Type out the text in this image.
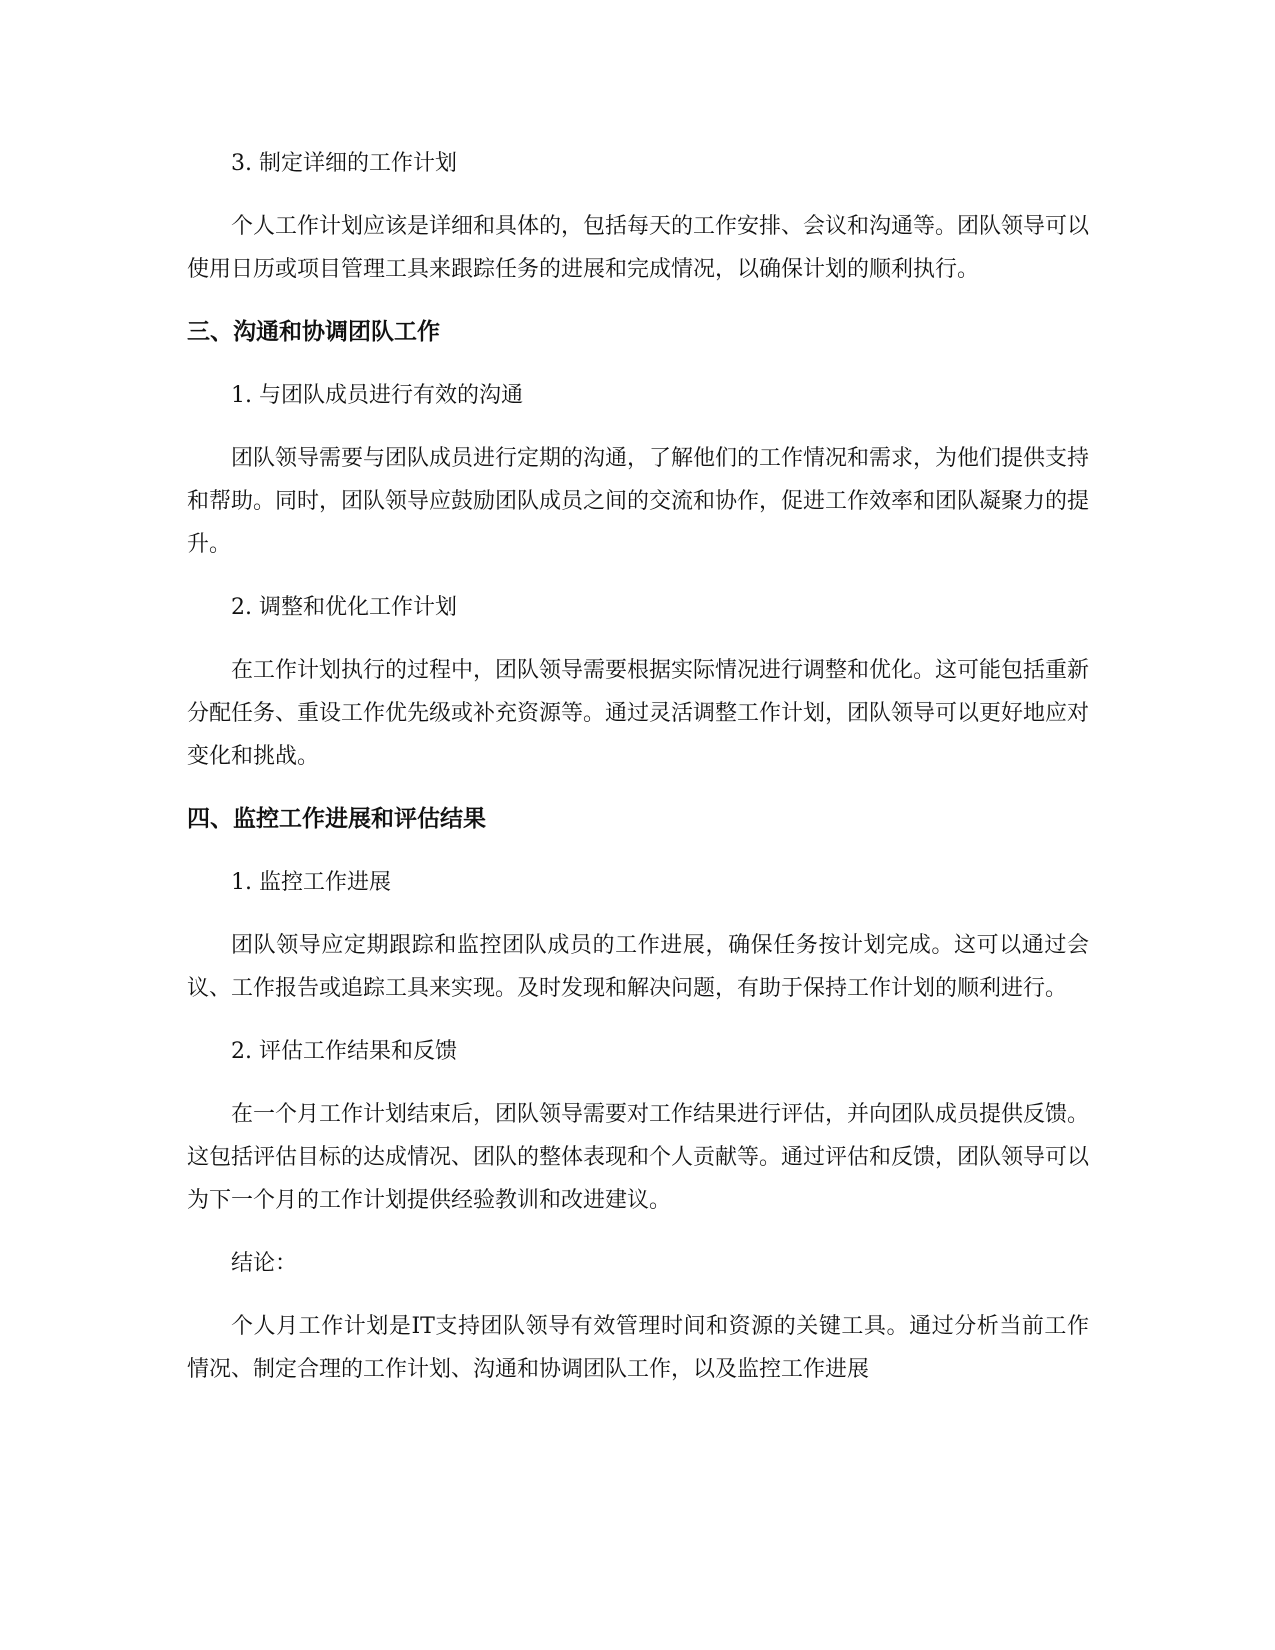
3. 制定详细的工作计划

个人工作计划应该是详细和具体的，包括每天的工作安排、会议和沟通等。团队领导可以使用日历或项目管理工具来跟踪任务的进展和完成情况，以确保计划的顺利执行。

三、沟通和协调团队工作
1. 与团队成员进行有效的沟通

团队领导需要与团队成员进行定期的沟通，了解他们的工作情况和需求，为他们提供支持和帮助。同时，团队领导应鼓励团队成员之间的交流和协作，促进工作效率和团队凝聚力的提升。

2. 调整和优化工作计划

在工作计划执行的过程中，团队领导需要根据实际情况进行调整和优化。这可能包括重新分配任务、重设工作优先级或补充资源等。通过灵活调整工作计划，团队领导可以更好地应对变化和挑战。

四、监控工作进展和评估结果
1. 监控工作进展

团队领导应定期跟踪和监控团队成员的工作进展，确保任务按计划完成。这可以通过会议、工作报告或追踪工具来实现。及时发现和解决问题，有助于保持工作计划的顺利进行。

2. 评估工作结果和反馈

在一个月工作计划结束后，团队领导需要对工作结果进行评估，并向团队成员提供反馈。这包括评估目标的达成情况、团队的整体表现和个人贡献等。通过评估和反馈，团队领导可以为下一个月的工作计划提供经验教训和改进建议。

结论：

个人月工作计划是IT支持团队领导有效管理时间和资源的关键工具。通过分析当前工作情况、制定合理的工作计划、沟通和协调团队工作，以及监控工作进展
